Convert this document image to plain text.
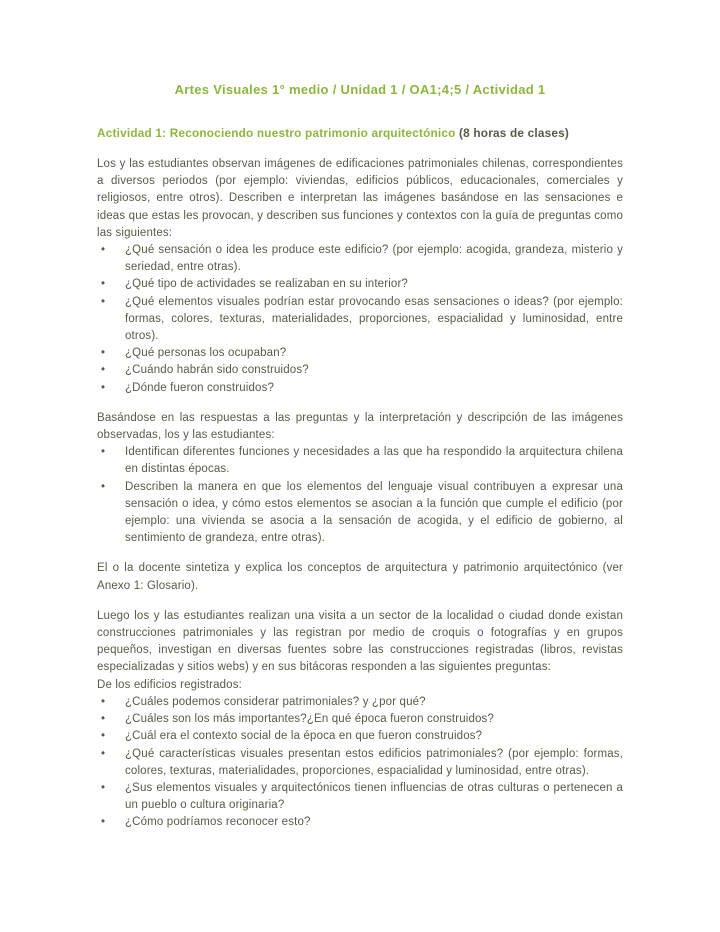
Artes Visuales 1° medio / Unidad 1 / OA1;4;5 / Actividad 1

Actividad 1: Reconociendo nuestro patrimonio arquitectónico (8 horas de clases)

Los y las estudiantes observan imágenes de edificaciones patrimoniales chilenas, correspondientes a diversos periodos (por ejemplo: viviendas, edificios públicos, educacionales, comerciales y religiosos, entre otros). Describen e interpretan las imágenes basándose en las sensaciones e ideas que estas les provocan, y describen sus funciones y contextos con la guía de preguntas como las siguientes:

• ¿Qué sensación o idea les produce este edificio? (por ejemplo: acogida, grandeza, misterio y seriedad, entre otras).
• ¿Qué tipo de actividades se realizaban en su interior?
• ¿Qué elementos visuales podrían estar provocando esas sensaciones o ideas? (por ejemplo: formas, colores, texturas, materialidades, proporciones, espacialidad y luminosidad, entre otros).
• ¿Qué personas los ocupaban?
• ¿Cuándo habrán sido construidos?
• ¿Dónde fueron construidos?

Basándose en las respuestas a las preguntas y la interpretación y descripción de las imágenes observadas, los y las estudiantes:

• Identifican diferentes funciones y necesidades a las que ha respondido la arquitectura chilena en distintas épocas.
• Describen la manera en que los elementos del lenguaje visual contribuyen a expresar una sensación o idea, y cómo estos elementos se asocian a la función que cumple el edificio (por ejemplo: una vivienda se asocia a la sensación de acogida, y el edificio de gobierno, al sentimiento de grandeza, entre otras).

El o la docente sintetiza y explica los conceptos de arquitectura y patrimonio arquitectónico (ver Anexo 1: Glosario).

Luego los y las estudiantes realizan una visita a un sector de la localidad o ciudad donde existan construcciones patrimoniales y las registran por medio de croquis o fotografías y en grupos pequeños, investigan en diversas fuentes sobre las construcciones registradas (libros, revistas especializadas y sitios webs) y en sus bitácoras responden a las siguientes preguntas:

De los edificios registrados:

• ¿Cuáles podemos considerar patrimoniales? y ¿por qué?
• ¿Cuáles son los más importantes?¿En qué época fueron construidos?
• ¿Cuál era el contexto social de la época en que fueron construidos?
• ¿Qué características visuales presentan estos edificios patrimoniales? (por ejemplo: formas, colores, texturas, materialidades, proporciones, espacialidad y luminosidad, entre otras).
• ¿Sus elementos visuales y arquitectónicos tienen influencias de otras culturas o pertenecen a un pueblo o cultura originaria?
• ¿Cómo podríamos reconocer esto?
